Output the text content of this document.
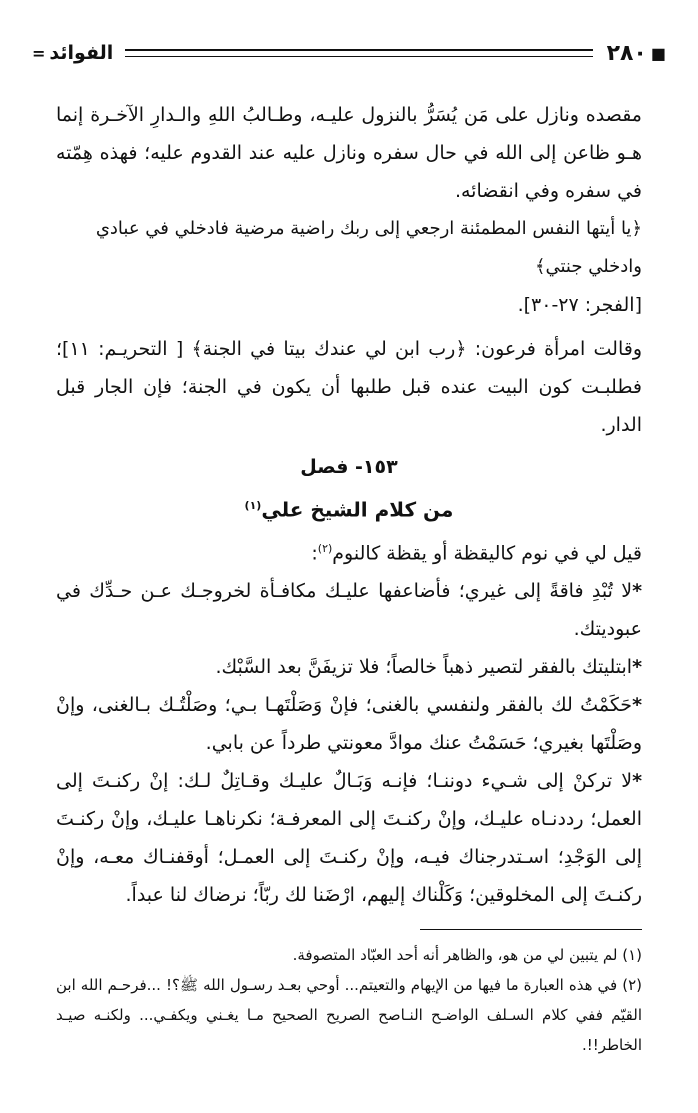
■
٢٨٠
الفوائد
=

مقصده ونازل على مَن يُسَرُّ بالنزول عليـه، وطـالبُ اللهِ والـدارِ الآخـرة إنما هـو ظاعن إلى الله في حال سفره ونازل عليه عند القدوم عليه؛ فهذه هِمّته في سفره وفي انقضائه.

﴿يا أيتها النفس المطمئنة ارجعي إلى ربك راضية مرضية فادخلي في عبادي وادخلي جنتي﴾

[الفجر: ٢٧-٣٠].

وقالت امرأة فرعون: ﴿رب ابن لي عندك بيتا في الجنة﴾ [ التحريـم: ١١]؛ فطلبـت كون البيت عنده قبل طلبها أن يكون في الجنة؛ فإن الجار قبل الدار.

١٥٣- فصل

من كلام الشيخ علي$^{(١)}$

قيل لي في نوم كاليقظة أو يقظة كالنوم$^{(٢)}$:

*لا تُبْدِ فاقةً إلى غيري؛ فأضاعفها عليـك مكافـأة لخروجـك عـن حـدِّك في عبوديتك.

*ابتليتك بالفقر لتصير ذهباً خالصاً؛ فلا تزيفَنَّ بعد السَّبْك.

*حَكَمْتُ لك بالفقر ولنفسي بالغنى؛ فإنْ وَصَلْتَهـا بـي؛ وصَلْتُـك بـالغنى، وإنْ وصَلْتَها بغيري؛ حَسَمْتُ عنك موادَّ معونتي طرداً عن بابي.

*لا تركنْ إلى شـيء دوننـا؛ فإنـه وَبَـالٌ عليـك وقـاتِلٌ لـك: إنْ ركنـتَ إلى العمل؛ رددنـاه عليـك، وإنْ ركنـتَ إلى المعرفـة؛ نكرناهـا عليـك، وإنْ ركنـتَ إلى الوَجْدِ؛ اسـتدرجناك فيـه، وإنْ ركنـتَ إلى العمـل؛ أوقفنـاك معـه، وإنْ ركنـتَ إلى المخلوقين؛ وَكَلْناك إليهم، ارْضَنا لك ربّاً؛ نرضاك لنا عبداً.

(١) لم يتبين لي من هو، والظاهر أنه أحد العبّاد المتصوفة.

(٢) في هذه العبارة ما فيها من الإيهام والتعيتم... أوحي بعـد رسـول الله ﷺ؟! ...فرحـم الله ابن القيّم ففي كلام السـلف الواضـح النـاصح الصريح الصحيح مـا يغـني ويكفـي... ولكنـه صيـد الخاطر!!.
